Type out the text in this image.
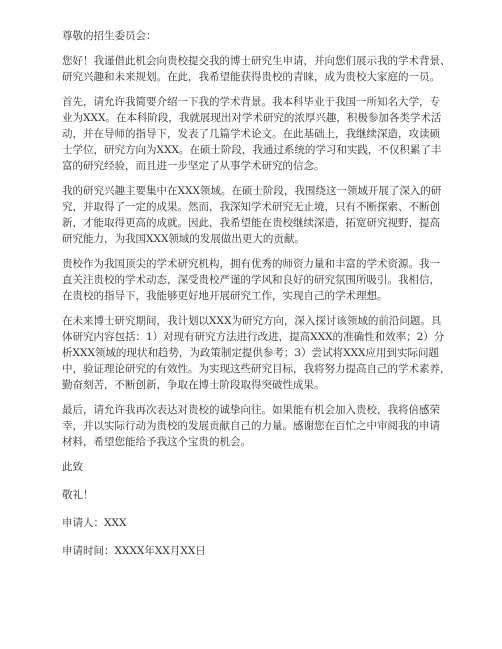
尊敬的招生委员会：
您好！我谨借此机会向贵校提交我的博士研究生申请，并向您们展示我的学术背景、
研究兴趣和未来规划。在此，我希望能获得贵校的青睐，成为贵校大家庭的一员。
首先，请允许我简要介绍一下我的学术背景。我本科毕业于我国一所知名大学，专
业为XXX。在本科阶段，我就展现出对学术研究的浓厚兴趣，积极参加各类学术活
动，并在导师的指导下，发表了几篇学术论文。在此基础上，我继续深造，攻读硕
士学位，研究方向为XXX。在硕士阶段，我通过系统的学习和实践，不仅积累了丰
富的研究经验，而且进一步坚定了从事学术研究的信念。
我的研究兴趣主要集中在XXX领域。在硕士阶段，我围绕这一领域开展了深入的研
究，并取得了一定的成果。然而，我深知学术研究无止境，只有不断探索、不断创
新，才能取得更高的成就。因此，我希望能在贵校继续深造，拓宽研究视野，提高
研究能力，为我国XXX领域的发展做出更大的贡献。
贵校作为我国顶尖的学术研究机构，拥有优秀的师资力量和丰富的学术资源。我一
直关注贵校的学术动态，深受贵校严谨的学风和良好的研究氛围所吸引。我相信，
在贵校的指导下，我能够更好地开展研究工作，实现自己的学术理想。
在未来博士研究期间，我计划以XXX为研究方向，深入探讨该领域的前沿问题。具
体研究内容包括：1）对现有研究方法进行改进，提高XXX的准确性和效率；2）分
析XXX领域的现状和趋势，为政策制定提供参考；3）尝试将XXX应用到实际问题
中，验证理论研究的有效性。为实现这些研究目标，我将努力提高自己的学术素养，
勤奋刻苦，不断创新，争取在博士阶段取得突破性成果。
最后，请允许我再次表达对贵校的诚挚向往。如果能有机会加入贵校，我将倍感荣
幸，并以实际行动为贵校的发展贡献自己的力量。感谢您在百忙之中审阅我的申请
材料，希望您能给予我这个宝贵的机会。
此致
敬礼！
申请人：XXX
申请时间：XXXX年XX月XX日
